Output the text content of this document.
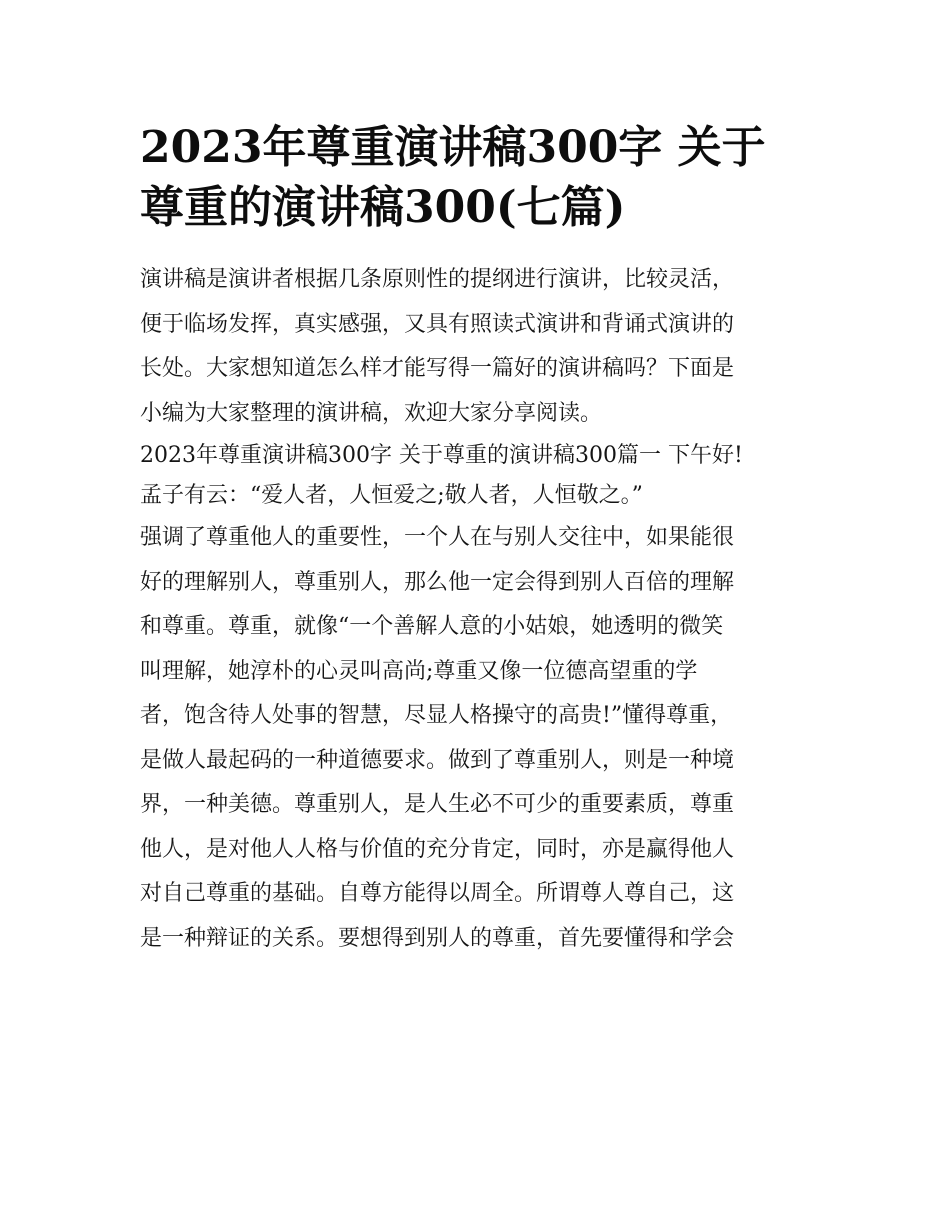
2023年尊重演讲稿300字 关于
尊重的演讲稿300(七篇)

演讲稿是演讲者根据几条原则性的提纲进行演讲，比较灵活，
便于临场发挥，真实感强，又具有照读式演讲和背诵式演讲的
长处。大家想知道怎么样才能写得一篇好的演讲稿吗？下面是
小编为大家整理的演讲稿，欢迎大家分享阅读。

2023年尊重演讲稿300字 关于尊重的演讲稿300篇一 下午好!
孟子有云：“爱人者，人恒爱之;敬人者，人恒敬之。”

强调了尊重他人的重要性，一个人在与别人交往中，如果能很
好的理解别人，尊重别人，那么他一定会得到别人百倍的理解
和尊重。尊重，就像“一个善解人意的小姑娘，她透明的微笑
叫理解，她淳朴的心灵叫高尚;尊重又像一位德高望重的学
者，饱含待人处事的智慧，尽显人格操守的高贵!”懂得尊重，
是做人最起码的一种道德要求。做到了尊重别人，则是一种境
界，一种美德。尊重别人，是人生必不可少的重要素质，尊重
他人，是对他人人格与价值的充分肯定，同时，亦是赢得他人
对自己尊重的基础。自尊方能得以周全。所谓尊人尊自己，这
是一种辩证的关系。要想得到别人的尊重，首先要懂得和学会
